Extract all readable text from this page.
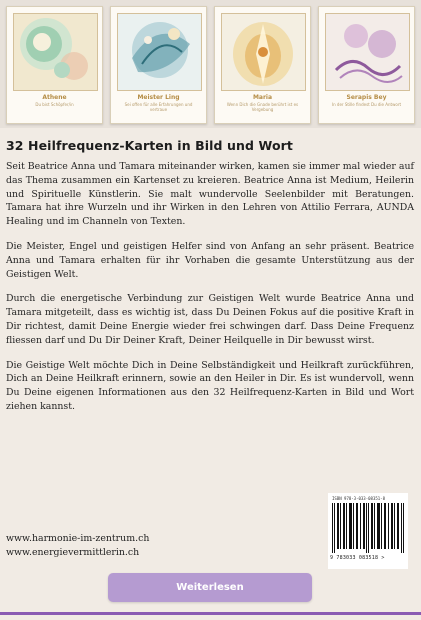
Athene
Du bist Schöpfer/in
Meister Ling
Sei offen für alle Erfahrungen und vertraue
Maria
Wenn Dich die Gnade berührt ist es Vergebung
Serapis Bey
In der Stille findest Du die Antwort
32 Heilfrequenz-Karten in Bild und Wort

Seit Beatrice Anna und Tamara miteinander wirken, kamen sie immer mal wieder auf das Thema zusammen ein Kartenset zu kreieren. Beatrice Anna ist Medium, Heilerin und Spirituelle Künstlerin. Sie malt wundervolle Seelenbilder mit Beratungen. Tamara hat ihre Wurzeln und ihr Wirken in den Lehren von Attilio Ferrara, AUNDA Healing und im Channeln von Texten.

Die Meister, Engel und geistigen Helfer sind von Anfang an sehr präsent. Beatrice Anna und Tamara erhalten für ihr Vorhaben die gesamte Unterstützung aus der Geistigen Welt.

Durch die energetische Verbindung zur Geistigen Welt wurde Beatrice Anna und Tamara mitgeteilt, dass es wichtig ist, dass Du Deinen Fokus auf die positive Kraft in Dir richtest, damit Deine Energie wieder frei schwingen darf. Dass Deine Frequenz fliessen darf und Du Dir Deiner Kraft, Deiner Heilquelle in Dir bewusst wirst.

Die Geistige Welt möchte Dich in Deine Selbständigkeit und Heilkraft zurückführen, Dich an Deine Heilkraft erinnern, sowie an den Heiler in Dir. Es ist wundervoll, wenn Du Deine eigenen Informationen aus den 32 Heilfrequenz-Karten in Bild und Wort ziehen kannst.

www.harmonie-im-zentrum.ch
www.energievermittlerin.ch
ISBN 978-3-033-08351-8
9 783033 083518 >
Weiterlesen
